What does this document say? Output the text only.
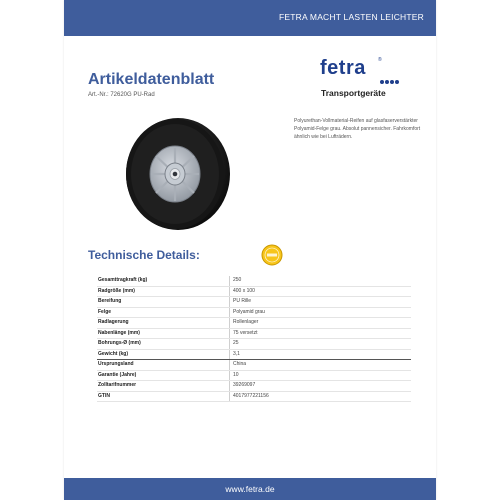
FETRA MACHT LASTEN LEICHTER
Artikeldatenblatt
Art.-Nr.: 72620G PU-Rad
fetra ®
Transportgeräte
Polyurethan-Vollmaterial-Reifen auf glasfaserverstärkter Polyamid-Felge grau. Absolut pannensicher. Fahrkomfort ähnlich wie bei Lufträdern.
Technische Details:
Gesamttragkraft (kg)	250
Radgröße (mm)	400 x 100
Bereifung	PU Rille
Felge	Polyamid grau
Radlagerung	Rollenlager
Nabenlänge (mm)	75 versetzt
Bohrungs-Ø (mm)	25
Gewicht (kg)	3,1
Ursprungsland	China
Garantie (Jahre)	10
Zolltarifnummer	39269097
GTIN	4017977221156
www.fetra.de
